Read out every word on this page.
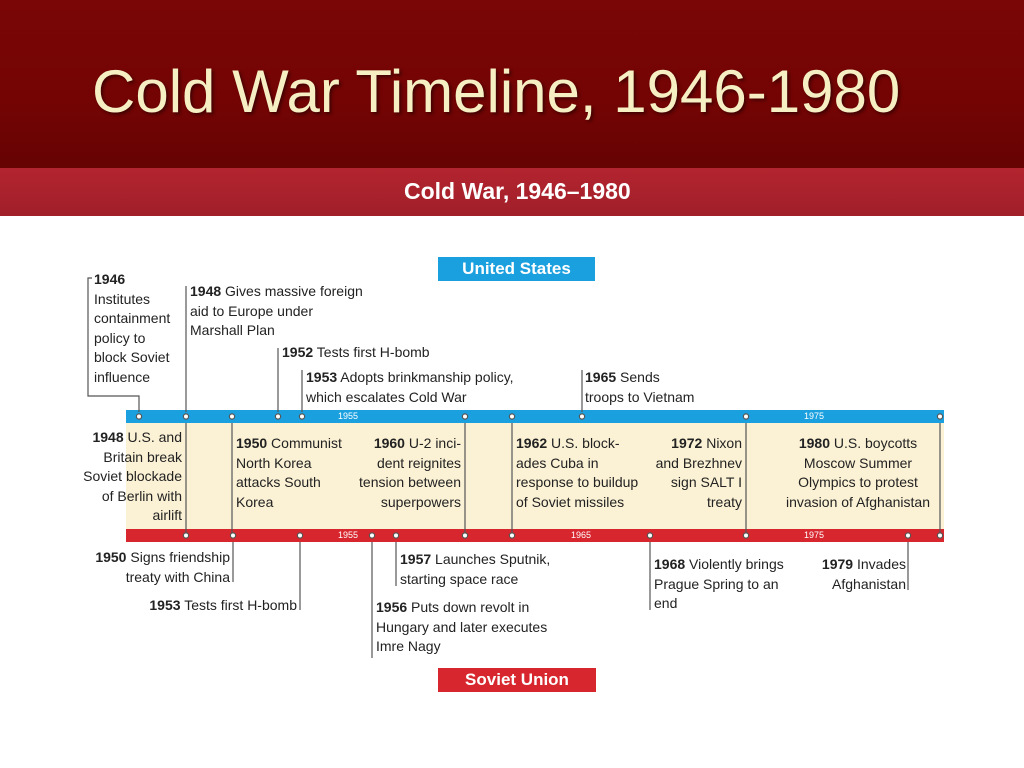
Cold War Timeline, 1946-1980
Cold War, 1946–1980
United States
Soviet Union
1955	1975
1955	1965	1975
1946
Institutes
containment
policy to
block Soviet
influence
1948 Gives massive foreign
aid to Europe under
Marshall Plan
1952 Tests first H-bomb
1953 Adopts brinkmanship policy,
which escalates Cold War
1965 Sends
troops to Vietnam
1948 U.S. and
Britain break
Soviet blockade
of Berlin with
airlift
1950 Communist
North Korea
attacks South
Korea
1960 U-2 inci-
dent reignites
tension between
superpowers
1962 U.S. block-
ades Cuba in
response to buildup
of Soviet missiles
1972 Nixon
and Brezhnev
sign SALT I
treaty
1980 U.S. boycotts
Moscow Summer
Olympics to protest
invasion of Afghanistan
1950 Signs friendship
treaty with China
1953 Tests first H-bomb
1957 Launches Sputnik,
starting space race
1956 Puts down revolt in
Hungary and later executes
Imre Nagy
1968 Violently brings
Prague Spring to an
end
1979 Invades
Afghanistan
